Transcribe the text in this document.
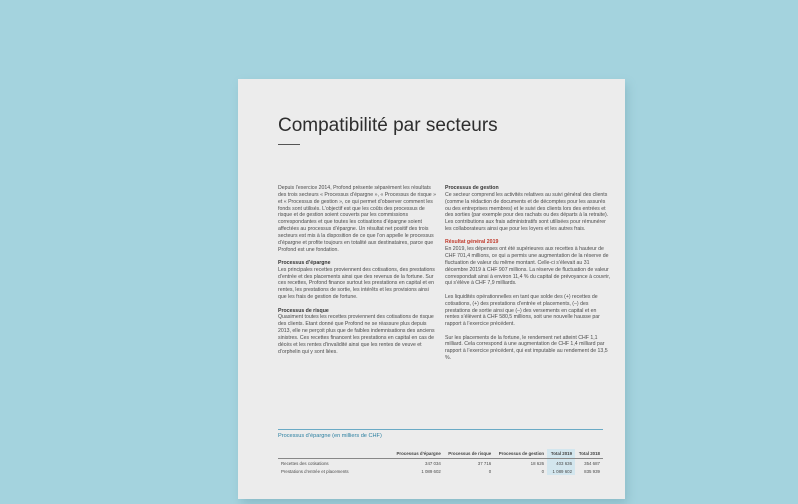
Compatibilité par secteurs

Depuis l’exercice 2014, Profond présente séparément les résultats des trois secteurs « Processus d’épargne », « Processus de risque » et « Processus de gestion », ce qui permet d’observer comment les fonds sont utilisés. L’objectif est que les coûts des processus de risque et de gestion soient couverts par les commissions correspondantes et que toutes les cotisations d’épargne soient affectées au processus d’épargne. Un résultat net positif des trois secteurs est mis à la disposition de ce que l’on appelle le processus d’épargne et profite toujours en totalité aux destinataires, parce que Profond est une fondation.

Processus d’épargne

Les principales recettes proviennent des cotisations, des prestations d’entrée et des placements ainsi que des revenus de la fortune. Sur ces recettes, Profond finance surtout les prestations en capital et en rentes, les prestations de sortie, les intérêts et les provisions ainsi que les frais de gestion de fortune.

Processus de risque

Quasiment toutes les recettes proviennent des cotisations de risque des clients. Etant donné que Profond ne se réassure plus depuis 2013, elle ne perçoit plus que de faibles indemnisations des anciens sinistres. Ces recettes financent les prestations en capital en cas de décès et les rentes d’invalidité ainsi que les rentes de veuve et d’orphelin qui y sont liées.

Processus de gestion

Ce secteur comprend les activités relatives au suivi général des clients (comme la rédaction de documents et de décomptes pour les assurés ou des entreprises membres) et le suivi des clients lors des entrées et des sorties (par exemple pour des rachats ou des départs à la retraite). Les contributions aux frais administratifs sont utilisées pour rémunérer les collaborateurs ainsi que pour les loyers et les autres frais.

Résultat général 2019

En 2019, les dépenses ont été supérieures aux recettes à hauteur de CHF 701,4 millions, ce qui a permis une augmentation de la réserve de fluctuation de valeur du même montant. Celle-ci s’élevait au 31 décembre 2019 à CHF 907 millions. La réserve de fluctuation de valeur correspondait ainsi à environ 11,4 % du capital de prévoyance à couvrir, qui s’élève à CHF 7,9 milliards.

Les liquidités opérationnelles en tant que solde des (+) recettes de cotisations, (+) des prestations d’entrée et placements, (–) des prestations de sortie ainsi que (–) des versements en capital et en rentes s’élèvent à CHF 580,5 millions, soit une nouvelle hausse par rapport à l’exercice précédent.

Sur les placements de la fortune, le rendement net atteint CHF 1,1 milliard. Cela correspond à une augmentation de CHF 1,4 milliard par rapport à l’exercice précédent, qui est imputable au rendement de 13,5 %.

Processus d’épargne (en milliers de CHF)
	Processus d’épargne	Processus de risque	Processus de gestion	Total 2019	Total 2018
Recettes des cotisations	347 034	37 716	18 626	403 636	354 687
Prestations d’entrée et placements	1 089 602	0	0	1 089 602	835 939
